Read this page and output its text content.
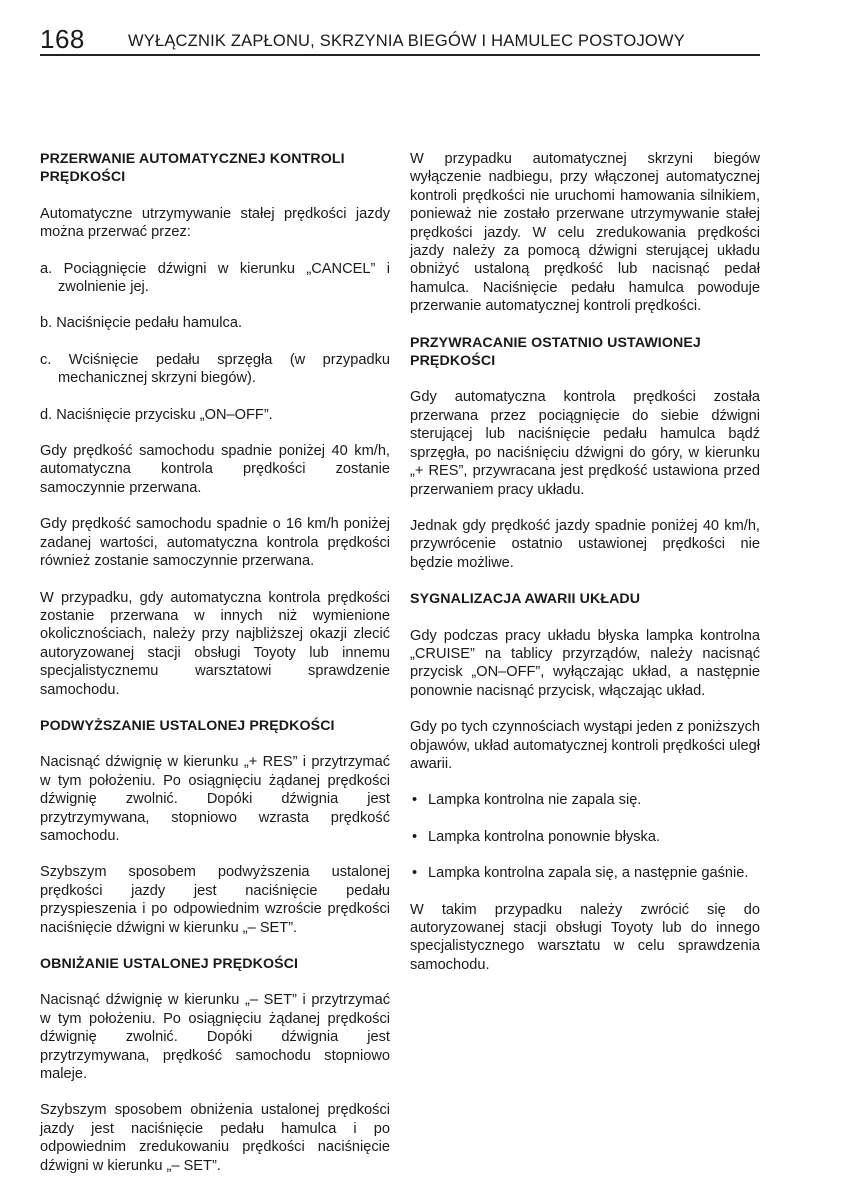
168	WYŁĄCZNIK ZAPŁONU, SKRZYNIA BIEGÓW I HAMULEC POSTOJOWY
PRZERWANIE AUTOMATYCZNEJ KONTROLI PRĘDKOŚCI

Automatyczne utrzymywanie stałej prędkości jazdy można przerwać przez:

a. Pociągnięcie dźwigni w kierunku „CANCEL” i zwolnienie jej.

b. Naciśnięcie pedału hamulca.

c. Wciśnięcie pedału sprzęgła (w przypadku mechanicznej skrzyni biegów).

d. Naciśnięcie przycisku „ON–OFF”.

Gdy prędkość samochodu spadnie poniżej 40 km/h, automatyczna kontrola prędkości zostanie samoczynnie przerwana.

Gdy prędkość samochodu spadnie o 16 km/h poniżej zadanej wartości, automatyczna kontrola prędkości również zostanie samoczynnie przerwana.

W przypadku, gdy automatyczna kontrola prędkości zostanie przerwana w innych niż wymienione okolicznościach, należy przy najbliższej okazji zlecić autoryzowanej stacji obsługi Toyoty lub innemu specjalistycznemu warsztatowi sprawdzenie samochodu.

PODWYŻSZANIE USTALONEJ PRĘDKOŚCI

Nacisnąć dźwignię w kierunku „+ RES” i przytrzymać w tym położeniu. Po osiągnięciu żądanej prędkości dźwignię zwolnić. Dopóki dźwignia jest przytrzymywana, stopniowo wzrasta prędkość samochodu.

Szybszym sposobem podwyższenia ustalonej prędkości jazdy jest naciśnięcie pedału przyspieszenia i po odpowiednim wzroście prędkości naciśnięcie dźwigni w kierunku „– SET”.

OBNIŻANIE USTALONEJ PRĘDKOŚCI

Nacisnąć dźwignię w kierunku „– SET” i przytrzymać w tym położeniu. Po osiągnięciu żądanej prędkości dźwignię zwolnić. Dopóki dźwignia jest przytrzymywana, prędkość samochodu stopniowo maleje.

Szybszym sposobem obniżenia ustalonej prędkości jazdy jest naciśnięcie pedału hamulca i po odpowiednim zredukowaniu prędkości naciśnięcie dźwigni w kierunku „– SET”.

W przypadku automatycznej skrzyni biegów wyłączenie nadbiegu, przy włączonej automatycznej kontroli prędkości nie uruchomi hamowania silnikiem, ponieważ nie zostało przerwane utrzymywanie stałej prędkości jazdy. W celu zredukowania prędkości jazdy należy za pomocą dźwigni sterującej układu obniżyć ustaloną prędkość lub nacisnąć pedał hamulca. Naciśnięcie pedału hamulca powoduje przerwanie automatycznej kontroli prędkości.

PRZYWRACANIE OSTATNIO USTAWIONEJ PRĘDKOŚCI

Gdy automatyczna kontrola prędkości została przerwana przez pociągnięcie do siebie dźwigni sterującej lub naciśnięcie pedału hamulca bądź sprzęgła, po naciśnięciu dźwigni do góry, w kierunku „+ RES”, przywracana jest prędkość ustawiona przed przerwaniem pracy układu.

Jednak gdy prędkość jazdy spadnie poniżej 40 km/h, przywrócenie ostatnio ustawionej prędkości nie będzie możliwe.

SYGNALIZACJA AWARII UKŁADU

Gdy podczas pracy układu błyska lampka kontrolna „CRUISE” na tablicy przyrządów, należy nacisnąć przycisk „ON–OFF”, wyłączając układ, a następnie ponownie nacisnąć przycisk, włączając układ.

Gdy po tych czynnościach wystąpi jeden z poniższych objawów, układ automatycznej kontroli prędkości uległ awarii.

• Lampka kontrolna nie zapala się.
• Lampka kontrolna ponownie błyska.
• Lampka kontrolna zapala się, a następnie gaśnie.

W takim przypadku należy zwrócić się do autoryzowanej stacji obsługi Toyoty lub do innego specjalistycznego warsztatu w celu sprawdzenia samochodu.
